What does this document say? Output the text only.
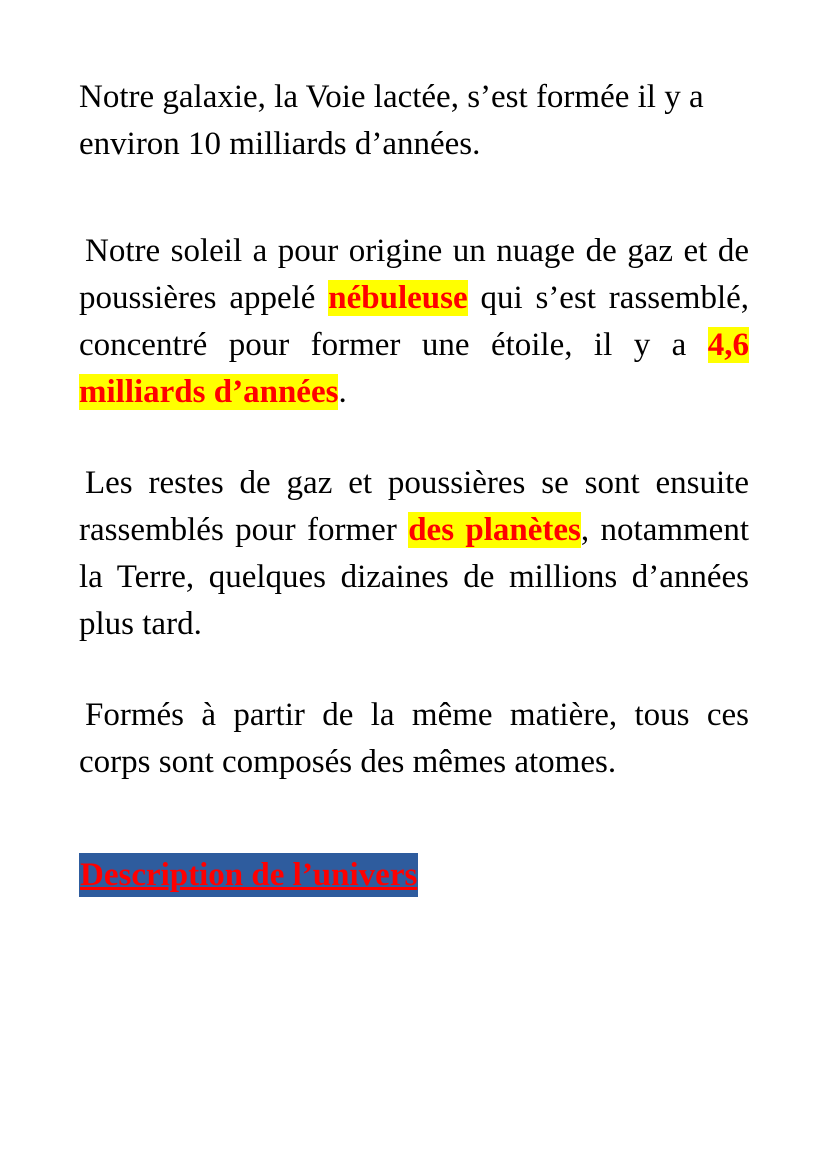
Notre galaxie, la Voie lactée, s’est formée il y a environ 10 milliards d’années.

Notre soleil a pour origine un nuage de gaz et de poussières appelé nébuleuse qui s’est rassemblé, concentré pour former une étoile, il y a 4,6 milliards d’années.

Les restes de gaz et poussières se sont ensuite rassemblés pour former des planètes, notamment la Terre, quelques dizaines de millions d’années plus tard.

Formés à partir de la même matière, tous ces corps sont composés des mêmes atomes.

Description de l’univers
